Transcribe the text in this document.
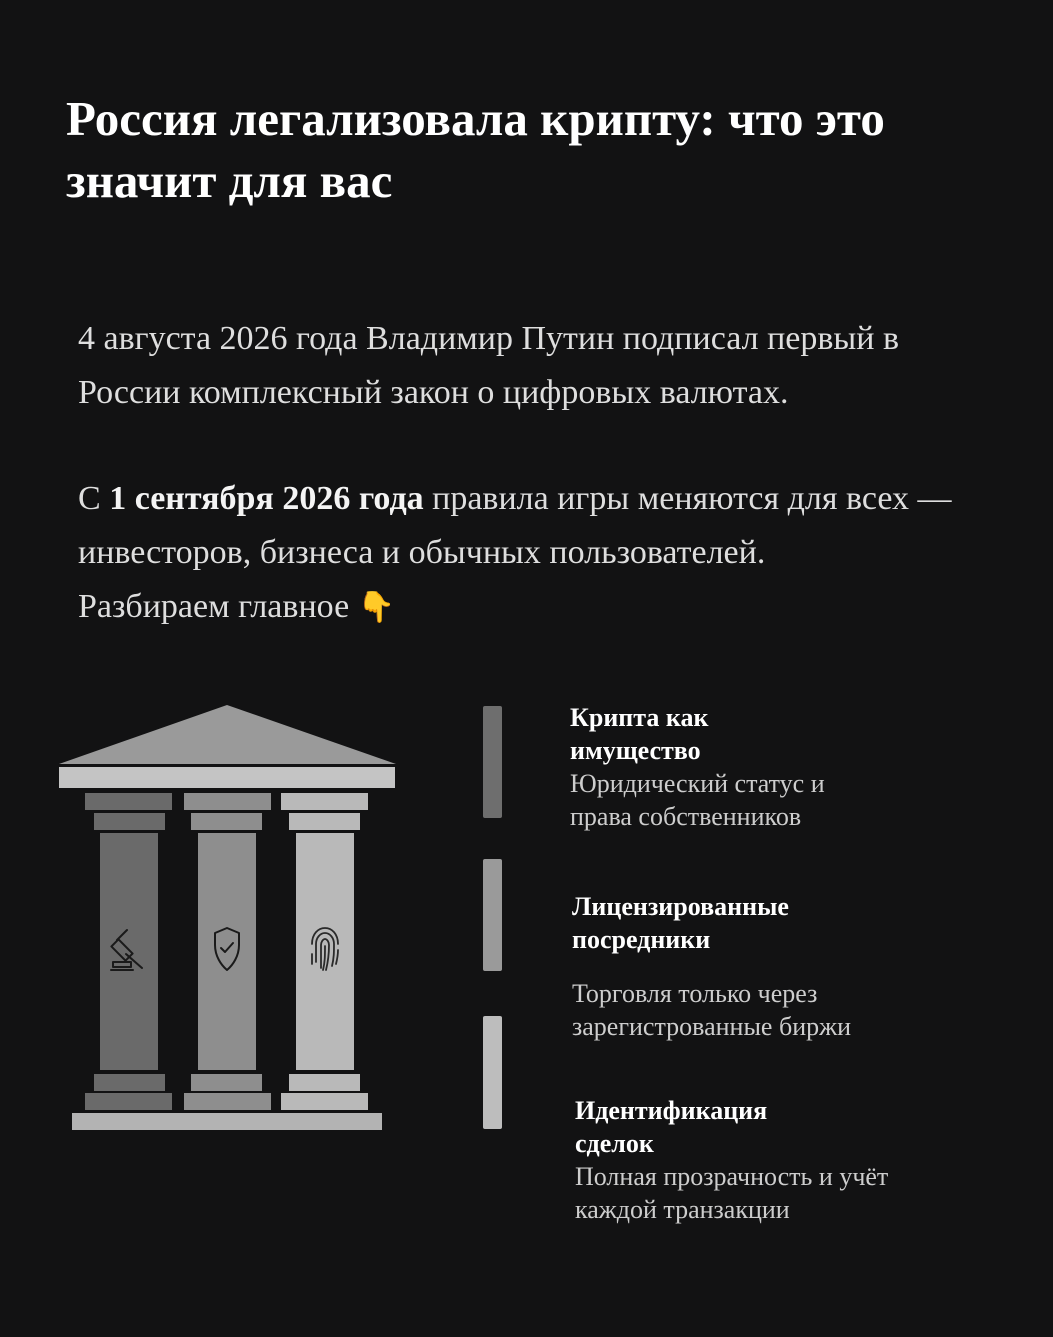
Россия легализовала крипту: что это значит для вас

4 августа 2026 года Владимир Путин подписал первый в России комплексный закон о цифровых валютах.

С 1 сентября 2026 года правила игры меняются для всех — инвесторов, бизнеса и обычных пользователей.

Разбираем главное 👇

Крипта как имущество

Юридический статус и права собственников

Лицензированные посредники

Торговля только через зарегистрованные биржи

Идентификация сделок

Полная прозрачность и учёт каждой транзакции
